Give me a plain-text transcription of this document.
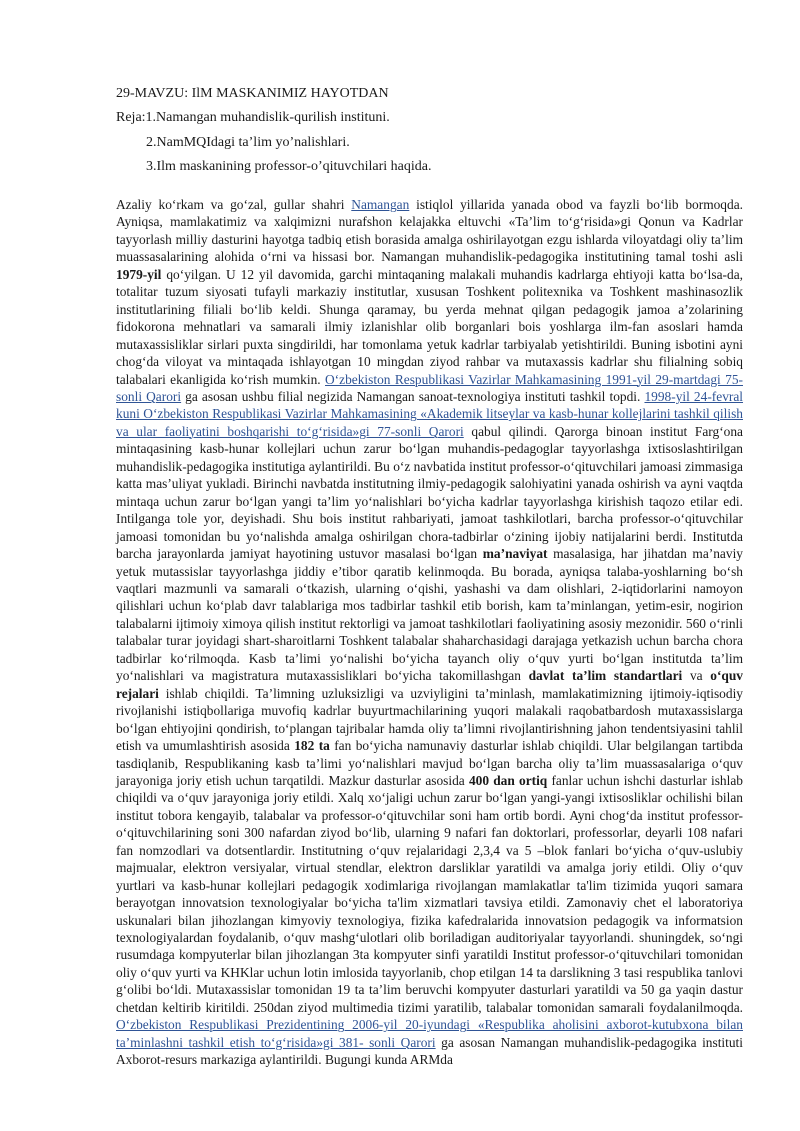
29-MAVZU: IlM MASKANIMIZ HAYOTDAN
Reja:1.Namangan muhandislik-qurilish instituni.
2.NamMQIdagi ta’lim yo’nalishlari.
3.Ilm maskanining professor-o’qituvchilari haqida.
Azaliy ko‘rkam va go‘zal, gullar shahri Namangan istiqlol yillarida yanada obod va fayzli bo‘lib bormoqda. Ayniqsa, mamlakatimiz va xalqimizni nurafshon kelajakka eltuvchi «Ta’lim to‘g‘risida»gi Qonun va Kadrlar tayyorlash milliy dasturini hayotga tadbiq etish borasida amalga oshirilayotgan ezgu ishlarda viloyatdagi oliy ta’lim muassasalarining alohida o‘rni va hissasi bor. Namangan muhandislik-pedagogika institutining tamal toshi asli 1979-yil qo‘yilgan. U 12 yil davomida, garchi mintaqaning malakali muhandis kadrlarga ehtiyoji katta bo‘lsa-da, totalitar tuzum siyosati tufayli markaziy institutlar, xususan Toshkent politexnika va Toshkent mashinasozlik institutlarining filiali bo‘lib keldi. Shunga qaramay, bu yerda mehnat qilgan pedagogik jamoa a’zolarining fidokorona mehnatlari va samarali ilmiy izlanishlar olib borganlari bois yoshlarga ilm-fan asoslari hamda mutaxassisliklar sirlari puxta singdirildi, har tomonlama yetuk kadrlar tarbiyalab yetishtirildi. Buning isbotini ayni chog‘da viloyat va mintaqada ishlayotgan 10 mingdan ziyod rahbar va mutaxassis kadrlar shu filialning sobiq talabalari ekanligida ko‘rish mumkin. O‘zbekiston Respublikasi Vazirlar Mahkamasining 1991-yil 29-martdagi 75-sonli Qarori ga asosan ushbu filial negizida Namangan sanoat-texnologiya instituti tashkil topdi. 1998-yil 24-fevral kuni O‘zbekiston Respublikasi Vazirlar Mahkamasining «Akademik litseylar va kasb-hunar kollejlarini tashkil qilish va ular faoliyatini boshqarishi to‘g‘risida»gi 77-sonli Qarori qabul qilindi. Qarorga binoan institut Farg‘ona mintaqasining kasb-hunar kollejlari uchun zarur bo‘lgan muhandis-pedagoglar tayyorlashga ixtisoslashtirilgan muhandislik-pedagogika institutiga aylantirildi. Bu o‘z navbatida institut professor-o‘qituvchilari jamoasi zimmasiga katta mas’uliyat yukladi. Birinchi navbatda institutning ilmiy-pedagogik salohiyatini yanada oshirish va ayni vaqtda mintaqa uchun zarur bo‘lgan yangi ta’lim yo‘nalishlari bo‘yicha kadrlar tayyorlashga kirishish taqozo etilar edi. Intilganga tole yor, deyishadi. Shu bois institut rahbariyati, jamoat tashkilotlari, barcha professor-o‘qituvchilar jamoasi tomonidan bu yo‘nalishda amalga oshirilgan chora-tadbirlar o‘zining ijobiy natijalarini berdi. Institutda barcha jarayonlarda jamiyat hayotining ustuvor masalasi bo‘lgan ma’naviyat masalasiga, har jihatdan ma’naviy yetuk mutassislar tayyorlashga jiddiy e’tibor qaratib kelinmoqda. Bu borada, ayniqsa talaba-yoshlarning bo‘sh vaqtlari mazmunli va samarali o‘tkazish, ularning o‘qishi, yashashi va dam olishlari, 2-iqtidorlarini namoyon qilishlari uchun ko‘plab davr talablariga mos tadbirlar tashkil etib borish, kam ta’minlangan, yetim-esir, nogirion talabalarni ijtimoiy ximoya qilish institut rektorligi va jamoat tashkilotlari faoliyatining asosiy mezonidir. 560 o‘rinli talabalar turar joyidagi shart-sharoitlarni Toshkent talabalar shaharchasidagi darajaga yetkazish uchun barcha chora tadbirlar ko‘rilmoqda. Kasb ta’limi yo‘nalishi bo‘yicha tayanch oliy o‘quv yurti bo‘lgan institutda ta’lim yo‘nalishlari va magistratura mutaxassisliklari bo‘yicha takomillashgan davlat ta’lim standartlari va o‘quv rejalari ishlab chiqildi. Ta’limning uzluksizligi va uzviyligini ta’minlash, mamlakatimizning ijtimoiy-iqtisodiy rivojlanishi istiqbollariga muvofiq kadrlar buyurtmachilarining yuqori malakali raqobatbardosh mutaxassislarga bo‘lgan ehtiyojini qondirish, to‘plangan tajribalar hamda oliy ta’limni rivojlantirishning jahon tendentsiyasini tahlil etish va umumlashtirish asosida 182 ta fan bo‘yicha namunaviy dasturlar ishlab chiqildi. Ular belgilangan tartibda tasdiqlanib, Respublikaning kasb ta’limi yo‘nalishlari mavjud bo‘lgan barcha oliy ta’lim muassasalariga o‘quv jarayoniga joriy etish uchun tarqatildi. Mazkur dasturlar asosida 400 dan ortiq fanlar uchun ishchi dasturlar ishlab chiqildi va o‘quv jarayoniga joriy etildi. Xalq xo‘jaligi uchun zarur bo‘lgan yangi-yangi ixtisosliklar ochilishi bilan institut tobora kengayib, talabalar va professor-o‘qituvchilar soni ham ortib bordi. Ayni chog‘da institut professor-o‘qituvchilarining soni 300 nafardan ziyod bo‘lib, ularning 9 nafari fan doktorlari, professorlar, deyarli 108 nafari fan nomzodlari va dotsentlardir. Institutning o‘quv rejalaridagi 2,3,4 va 5 –blok fanlari bo‘yicha o‘quv-uslubiy majmualar, elektron versiyalar, virtual stendlar, elektron darsliklar yaratildi va amalga joriy etildi. Oliy o‘quv yurtlari va kasb-hunar kollejlari pedagogik xodimlariga rivojlangan mamlakatlar ta'lim tizimida yuqori samara berayotgan innovatsion texnologiyalar bo‘yicha ta'lim xizmatlari tavsiya etildi. Zamonaviy chet el laboratoriya uskunalari bilan jihozlangan kimyoviy texnologiya, fizika kafedralarida innovatsion pedagogik va informatsion texnologiyalardan foydalanib, o‘quv mashg‘ulotlari olib boriladigan auditoriyalar tayyorlandi. shuningdek, so‘ngi rusumdaga kompyuterlar bilan jihozlangan 3ta kompyuter sinfi yaratildi Institut professor-o‘qituvchilari tomonidan oliy o‘quv yurti va KHKlar uchun lotin imlosida tayyorlanib, chop etilgan 14 ta darslikning 3 tasi respublika tanlovi g‘olibi bo‘ldi. Mutaxassislar tomonidan 19 ta ta’lim beruvchi kompyuter dasturlari yaratildi va 50 ga yaqin dastur chetdan keltirib kiritildi. 250dan ziyod multimedia tizimi yaratilib, talabalar tomonidan samarali foydalanilmoqda. O‘zbekiston Respublikasi Prezidentining 2006-yil 20-iyundagi «Respublika aholisini axborot-kutubxona bilan ta’minlashni tashkil etish to‘g‘risida»gi 381- sonli Qarori ga asosan Namangan muhandislik-pedagogika instituti Axborot-resurs markaziga aylantirildi. Bugungi kunda ARMda
